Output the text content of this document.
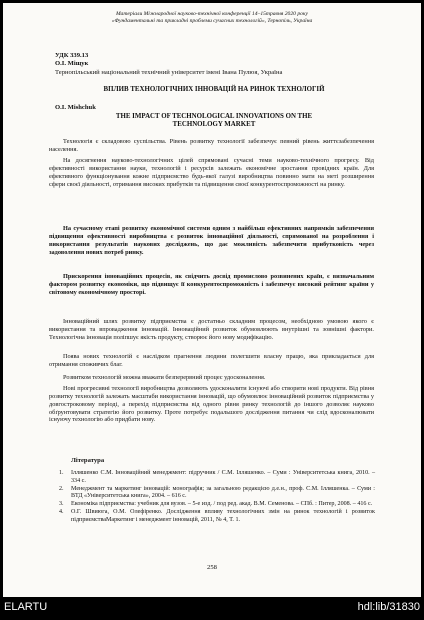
Матеріали Міжнародної науково-технічної конференції 14–15травня 2020 року
«Фундаментальні та прикладні проблеми сучасних технологій», Тернопіль, Україна
УДК 339.13
О.І. Міщук
Тернопільський національний технічний університет імені Івана Пулюя, Україна
ВПЛИВ ТЕХНОЛОГІЧНИХ ІННОВАЦІЙ НА РИНОК ТЕХНОЛОГІЙ
O.I. Mishchuk
THE IMPACT OF TECHNOLOGICAL INNOVATIONS ON THE
TECHNOLOGY MARKET
Технологія є складовою суспільства. Рівень розвитку технології забезпечує певний рівень життєзабезпечення населення.
На досягнення науково-технологічних цілей спрямовані сучасні теми науково-технічного прогресу. Від ефективності використання науки, технологій і ресурсів залежать економічне зростання провідних країн. Для ефективного функціонування кожне підприємство будь-якої галузі виробництва повинно мати на меті розширення сфери своєї діяльності, отримання високих прибутків та підвищення своєї конкурентоспроможності на ринку.
На сучасному етапі розвитку економічної системи одним з найбільш ефективних напрямків забезпечення підвищення ефективності виробництва є розвиток інноваційної діяльності, спрямованої на розроблення і використання результатів наукових досліджень, що дає можливість забезпечити прибутковість через задоволення нових потреб ринку.
Прискорення інноваційних процесів, як свідчить досвід промислово розвинених країн, є визначальним фактором розвитку економіки, що підвищує її конкурентоспроможність і забезпечує високий рейтинг країни у світовому економічному просторі.
Інноваційний шлях розвитку підприємства є достатньо складним процесом, необхідною умовою якого є використання та впровадження інновацій. Інноваційний розвиток обумовлюють внутрішні та зовнішні фактори. Технологічна інновація поліпшує якість продукту, створює його нову модифікацію.
Поява нових технологій є наслідком прагнення людини полегшити власну працю, яка прикладається для отримання споживчих благ.
Розвитком технологій можна вважати безперервний процес удосконалення.
Нові прогресивні технології виробництва дозволяють удосконалити існуючі або створити нові продукти. Від рівня розвитку технологій залежать масштаби використання інновацій, що обумовлює інноваційний розвиток підприємства у довгостроковому періоді, а перехід підприємства від одного рівня ринку технологій до іншого дозволяє науково обґрунтовувати стратегію його розвитку. Проте потребує подальшого дослідження питання чи слід вдосконалювати існуючу технологію або придбати нову.
Література
1. Ілляшенко С.М. Інноваційний менеджмент: підручник / С.М. Ілляшенко. – Суми : Університетська книга, 2010. – 334 с.
2. Менеджмент та маркетинг інновацій: монографія; за загальною редакцією д.е.н., проф. С.М. Ілляшенка. – Суми : ВТД «Університетська книга», 2004. – 616 с.
3. Економіка підприємства: учебник для вузов. – 5-е изд. / под ред. акад. В.М. Семенова. – СПб. : Питер, 2008. – 416 с.
4. О.Г. Швиюга, О.М. Олефіренко. Дослідження впливу технологічних змін на ринок технологій і розвиток підприємстваМаркетинг і менеджмент інновацій, 2011, № 4, Т. 1.
258
ELARTU	hdl:lib/31830
